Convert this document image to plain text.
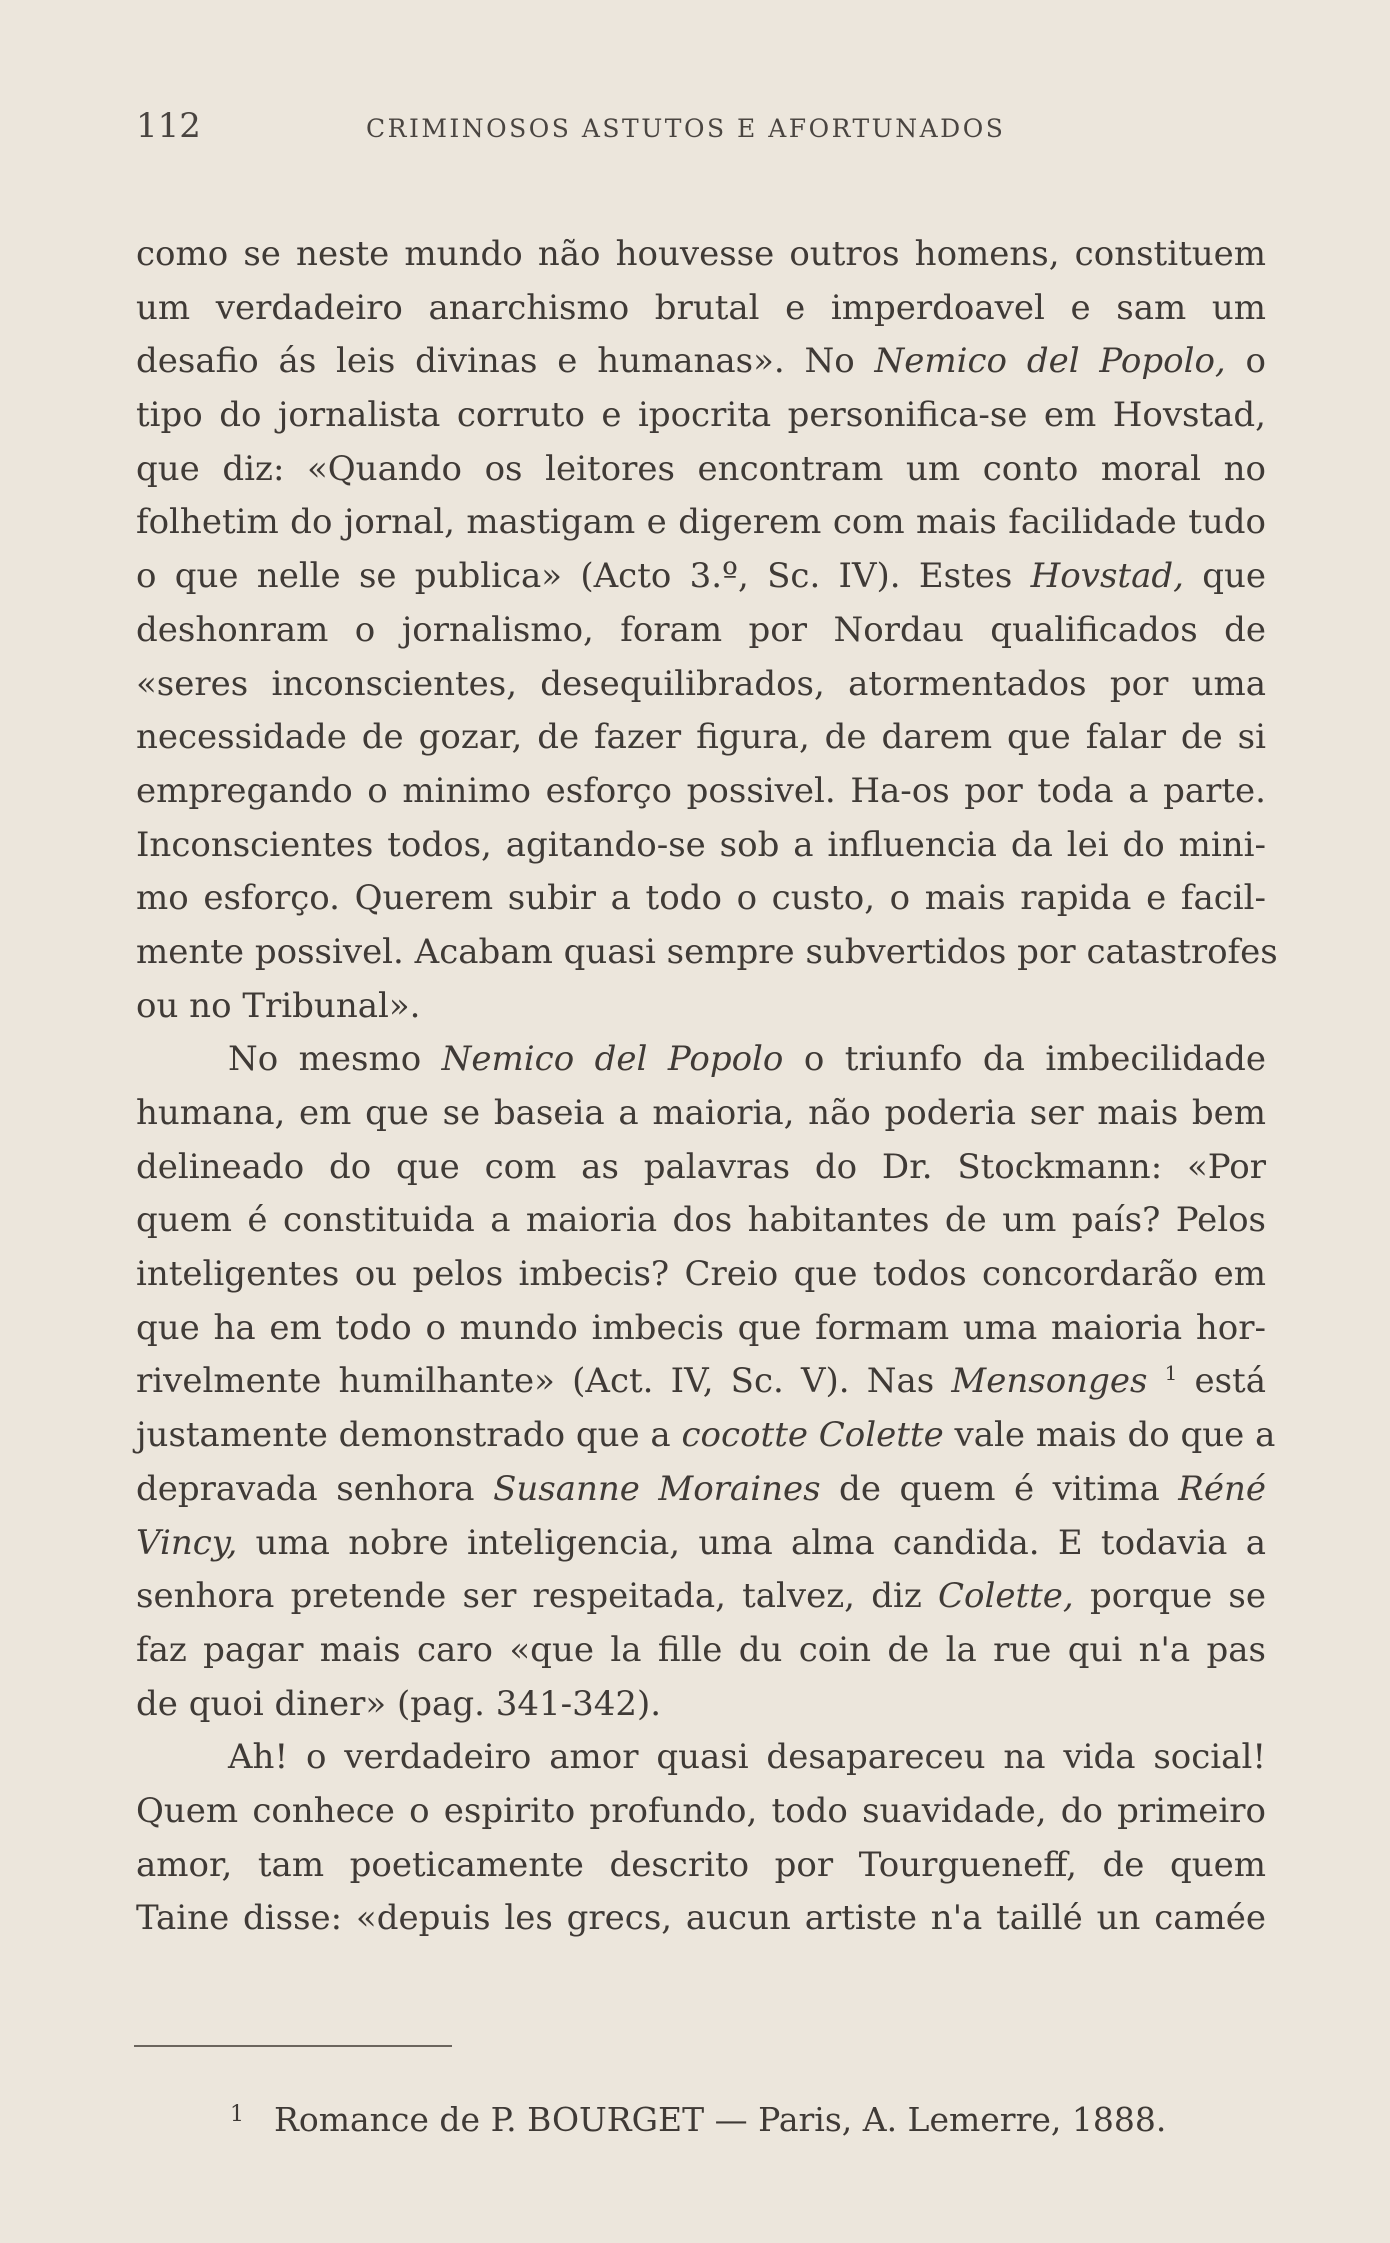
112	CRIMINOSOS ASTUTOS E AFORTUNADOS
como se neste mundo não houvesse outros homens, constituem
um verdadeiro anarchismo brutal e imperdoavel e sam um
desafio ás leis divinas e humanas». No Nemico del Popolo, o
tipo do jornalista corruto e ipocrita personifica-se em Hovstad,
que diz: «Quando os leitores encontram um conto moral no
folhetim do jornal, mastigam e digerem com mais facilidade tudo
o que nelle se publica» (Acto 3.º, Sc. IV). Estes Hovstad, que
deshonram o jornalismo, foram por Nordau qualificados de
«seres inconscientes, desequilibrados, atormentados por uma
necessidade de gozar, de fazer figura, de darem que falar de si
empregando o minimo esforço possivel. Ha-os por toda a parte.
Inconscientes todos, agitando-se sob a influencia da lei do mini-
mo esforço. Querem subir a todo o custo, o mais rapida e facil-
mente possivel. Acabam quasi sempre subvertidos por catastrofes
ou no Tribunal».
No mesmo Nemico del Popolo o triunfo da imbecilidade
humana, em que se baseia a maioria, não poderia ser mais bem
delineado do que com as palavras do Dr. Stockmann: «Por
quem é constituida a maioria dos habitantes de um país? Pelos
inteligentes ou pelos imbecis? Creio que todos concordarão em
que ha em todo o mundo imbecis que formam uma maioria hor-
rivelmente humilhante» (Act. IV, Sc. V). Nas Mensonges $^1$ está
justamente demonstrado que a cocotte Colette vale mais do que a
depravada senhora Susanne Moraines de quem é vitima Réné
Vincy, uma nobre inteligencia, uma alma candida. E todavia a
senhora pretende ser respeitada, talvez, diz Colette, porque se
faz pagar mais caro «que la fille du coin de la rue qui n'a pas
de quoi diner» (pag. 341-342).
Ah! o verdadeiro amor quasi desapareceu na vida social!
Quem conhece o espirito profundo, todo suavidade, do primeiro
amor, tam poeticamente descrito por Tourgueneff, de quem
Taine disse: «depuis les grecs, aucun artiste n'a taillé un camée
$^1$ Romance de P. BOURGET — Paris, A. Lemerre, 1888.
